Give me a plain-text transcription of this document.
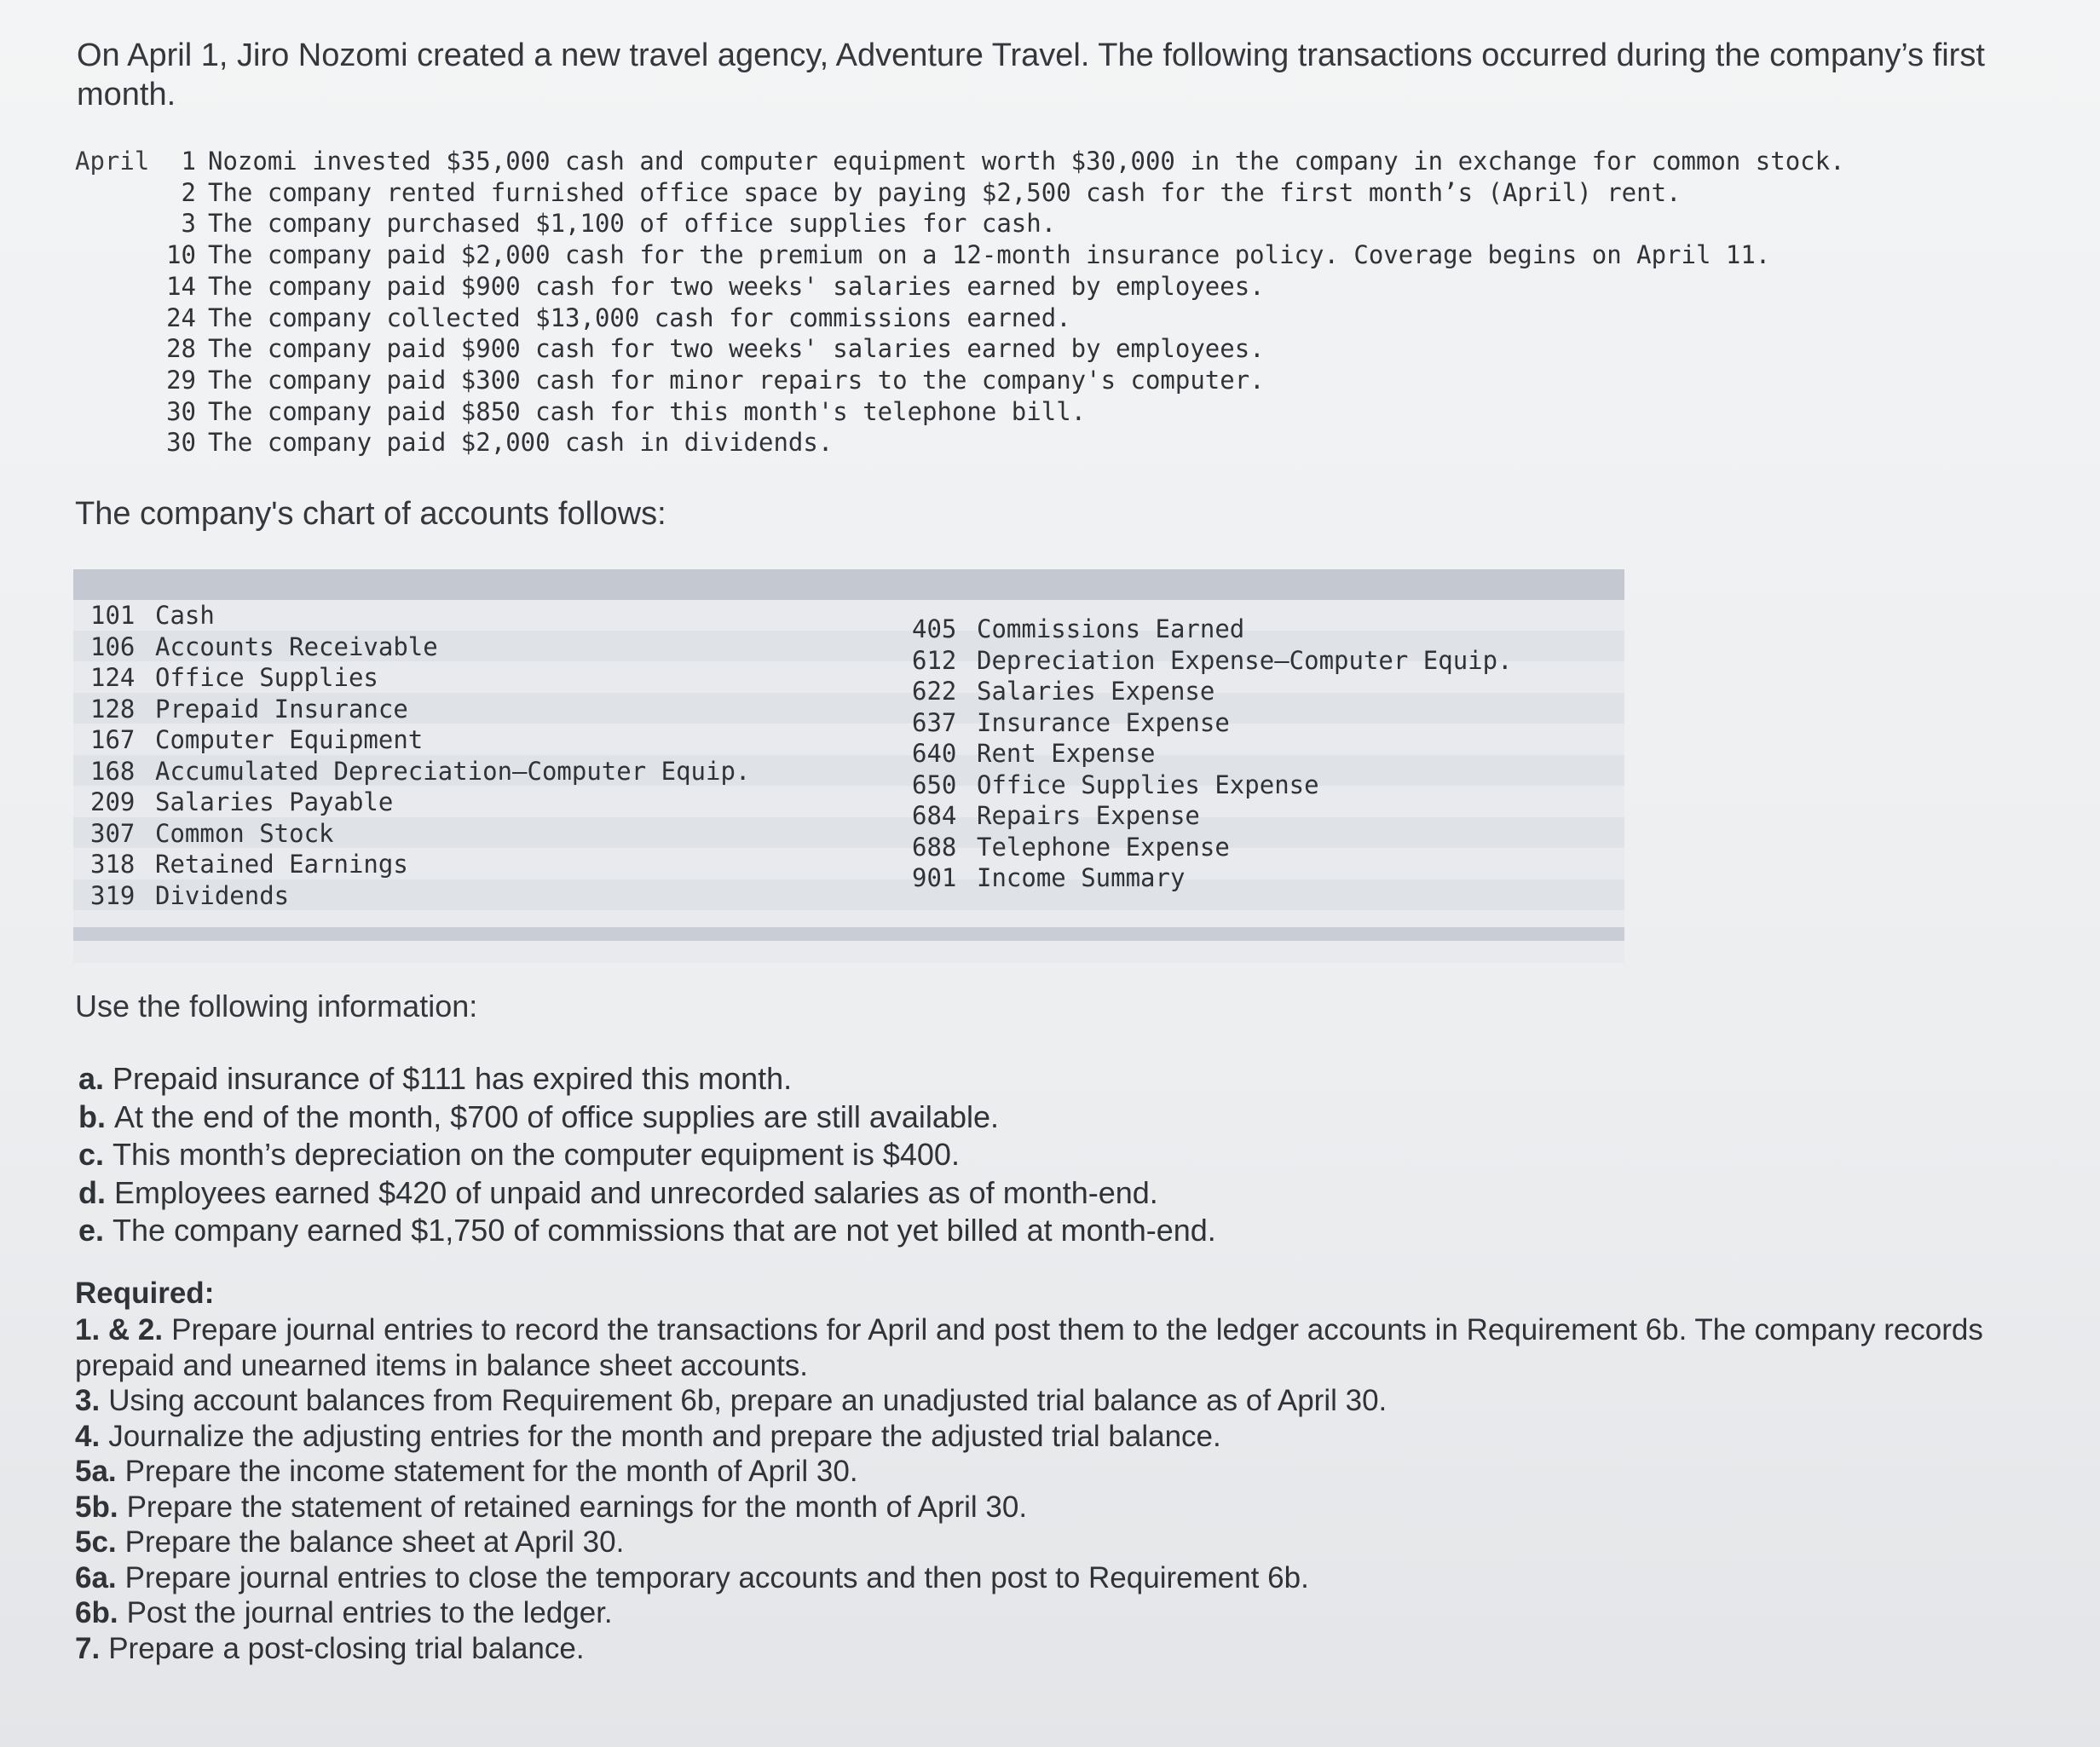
On April 1, Jiro Nozomi created a new travel agency, Adventure Travel. The following transactions occurred during the company’s first month.
April	1 Nozomi invested $35,000 cash and computer equipment worth $30,000 in the company in exchange for common stock.
2 The company rented furnished office space by paying $2,500 cash for the first month’s (April) rent.
3 The company purchased $1,100 of office supplies for cash.
10 The company paid $2,000 cash for the premium on a 12-month insurance policy. Coverage begins on April 11.
14 The company paid $900 cash for two weeks' salaries earned by employees.
24 The company collected $13,000 cash for commissions earned.
28 The company paid $900 cash for two weeks' salaries earned by employees.
29 The company paid $300 cash for minor repairs to the company's computer.
30 The company paid $850 cash for this month's telephone bill.
30 The company paid $2,000 cash in dividends.
The company's chart of accounts follows:
101 Cash
106 Accounts Receivable
124 Office Supplies
128 Prepaid Insurance
167 Computer Equipment
168 Accumulated Depreciation—Computer Equip.
209 Salaries Payable
307 Common Stock
318 Retained Earnings
319 Dividends
405 Commissions Earned
612 Depreciation Expense—Computer Equip.
622 Salaries Expense
637 Insurance Expense
640 Rent Expense
650 Office Supplies Expense
684 Repairs Expense
688 Telephone Expense
901 Income Summary
Use the following information:
a. Prepaid insurance of $111 has expired this month.
b. At the end of the month, $700 of office supplies are still available.
c. This month’s depreciation on the computer equipment is $400.
d. Employees earned $420 of unpaid and unrecorded salaries as of month-end.
e. The company earned $1,750 of commissions that are not yet billed at month-end.
Required:
1. & 2. Prepare journal entries to record the transactions for April and post them to the ledger accounts in Requirement 6b. The company records prepaid and unearned items in balance sheet accounts.
3. Using account balances from Requirement 6b, prepare an unadjusted trial balance as of April 30.
4. Journalize the adjusting entries for the month and prepare the adjusted trial balance.
5a. Prepare the income statement for the month of April 30.
5b. Prepare the statement of retained earnings for the month of April 30.
5c. Prepare the balance sheet at April 30.
6a. Prepare journal entries to close the temporary accounts and then post to Requirement 6b.
6b. Post the journal entries to the ledger.
7. Prepare a post-closing trial balance.
